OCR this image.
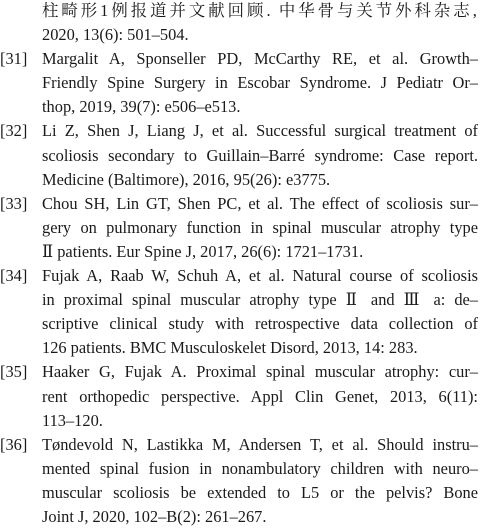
柱畸形1例报道并文献回顾. 中华骨与关节外科杂志,
2020, 13(6): 501–504.
[31] Margalit A, Sponseller PD, McCarthy RE, et al. Growth–
Friendly Spine Surgery in Escobar Syndrome. J Pediatr Or–
thop, 2019, 39(7): e506–e513.
[32] Li Z, Shen J, Liang J, et al. Successful surgical treatment of
scoliosis secondary to Guillain–Barré syndrome: Case report.
Medicine (Baltimore), 2016, 95(26): e3775.
[33] Chou SH, Lin GT, Shen PC, et al. The effect of scoliosis sur–
gery on pulmonary function in spinal muscular atrophy type
Ⅱ patients. Eur Spine J, 2017, 26(6): 1721–1731.
[34] Fujak A, Raab W, Schuh A, et al. Natural course of scoliosis
in proximal spinal muscular atrophy type Ⅱ and Ⅲ a: de–
scriptive clinical study with retrospective data collection of
126 patients. BMC Musculoskelet Disord, 2013, 14: 283.
[35] Haaker G, Fujak A. Proximal spinal muscular atrophy: cur–
rent orthopedic perspective. Appl Clin Genet, 2013, 6(11):
113–120.
[36] Tøndevold N, Lastikka M, Andersen T, et al. Should instru–
mented spinal fusion in nonambulatory children with neuro–
muscular scoliosis be extended to L5 or the pelvis? Bone
Joint J, 2020, 102–B(2): 261–267.
